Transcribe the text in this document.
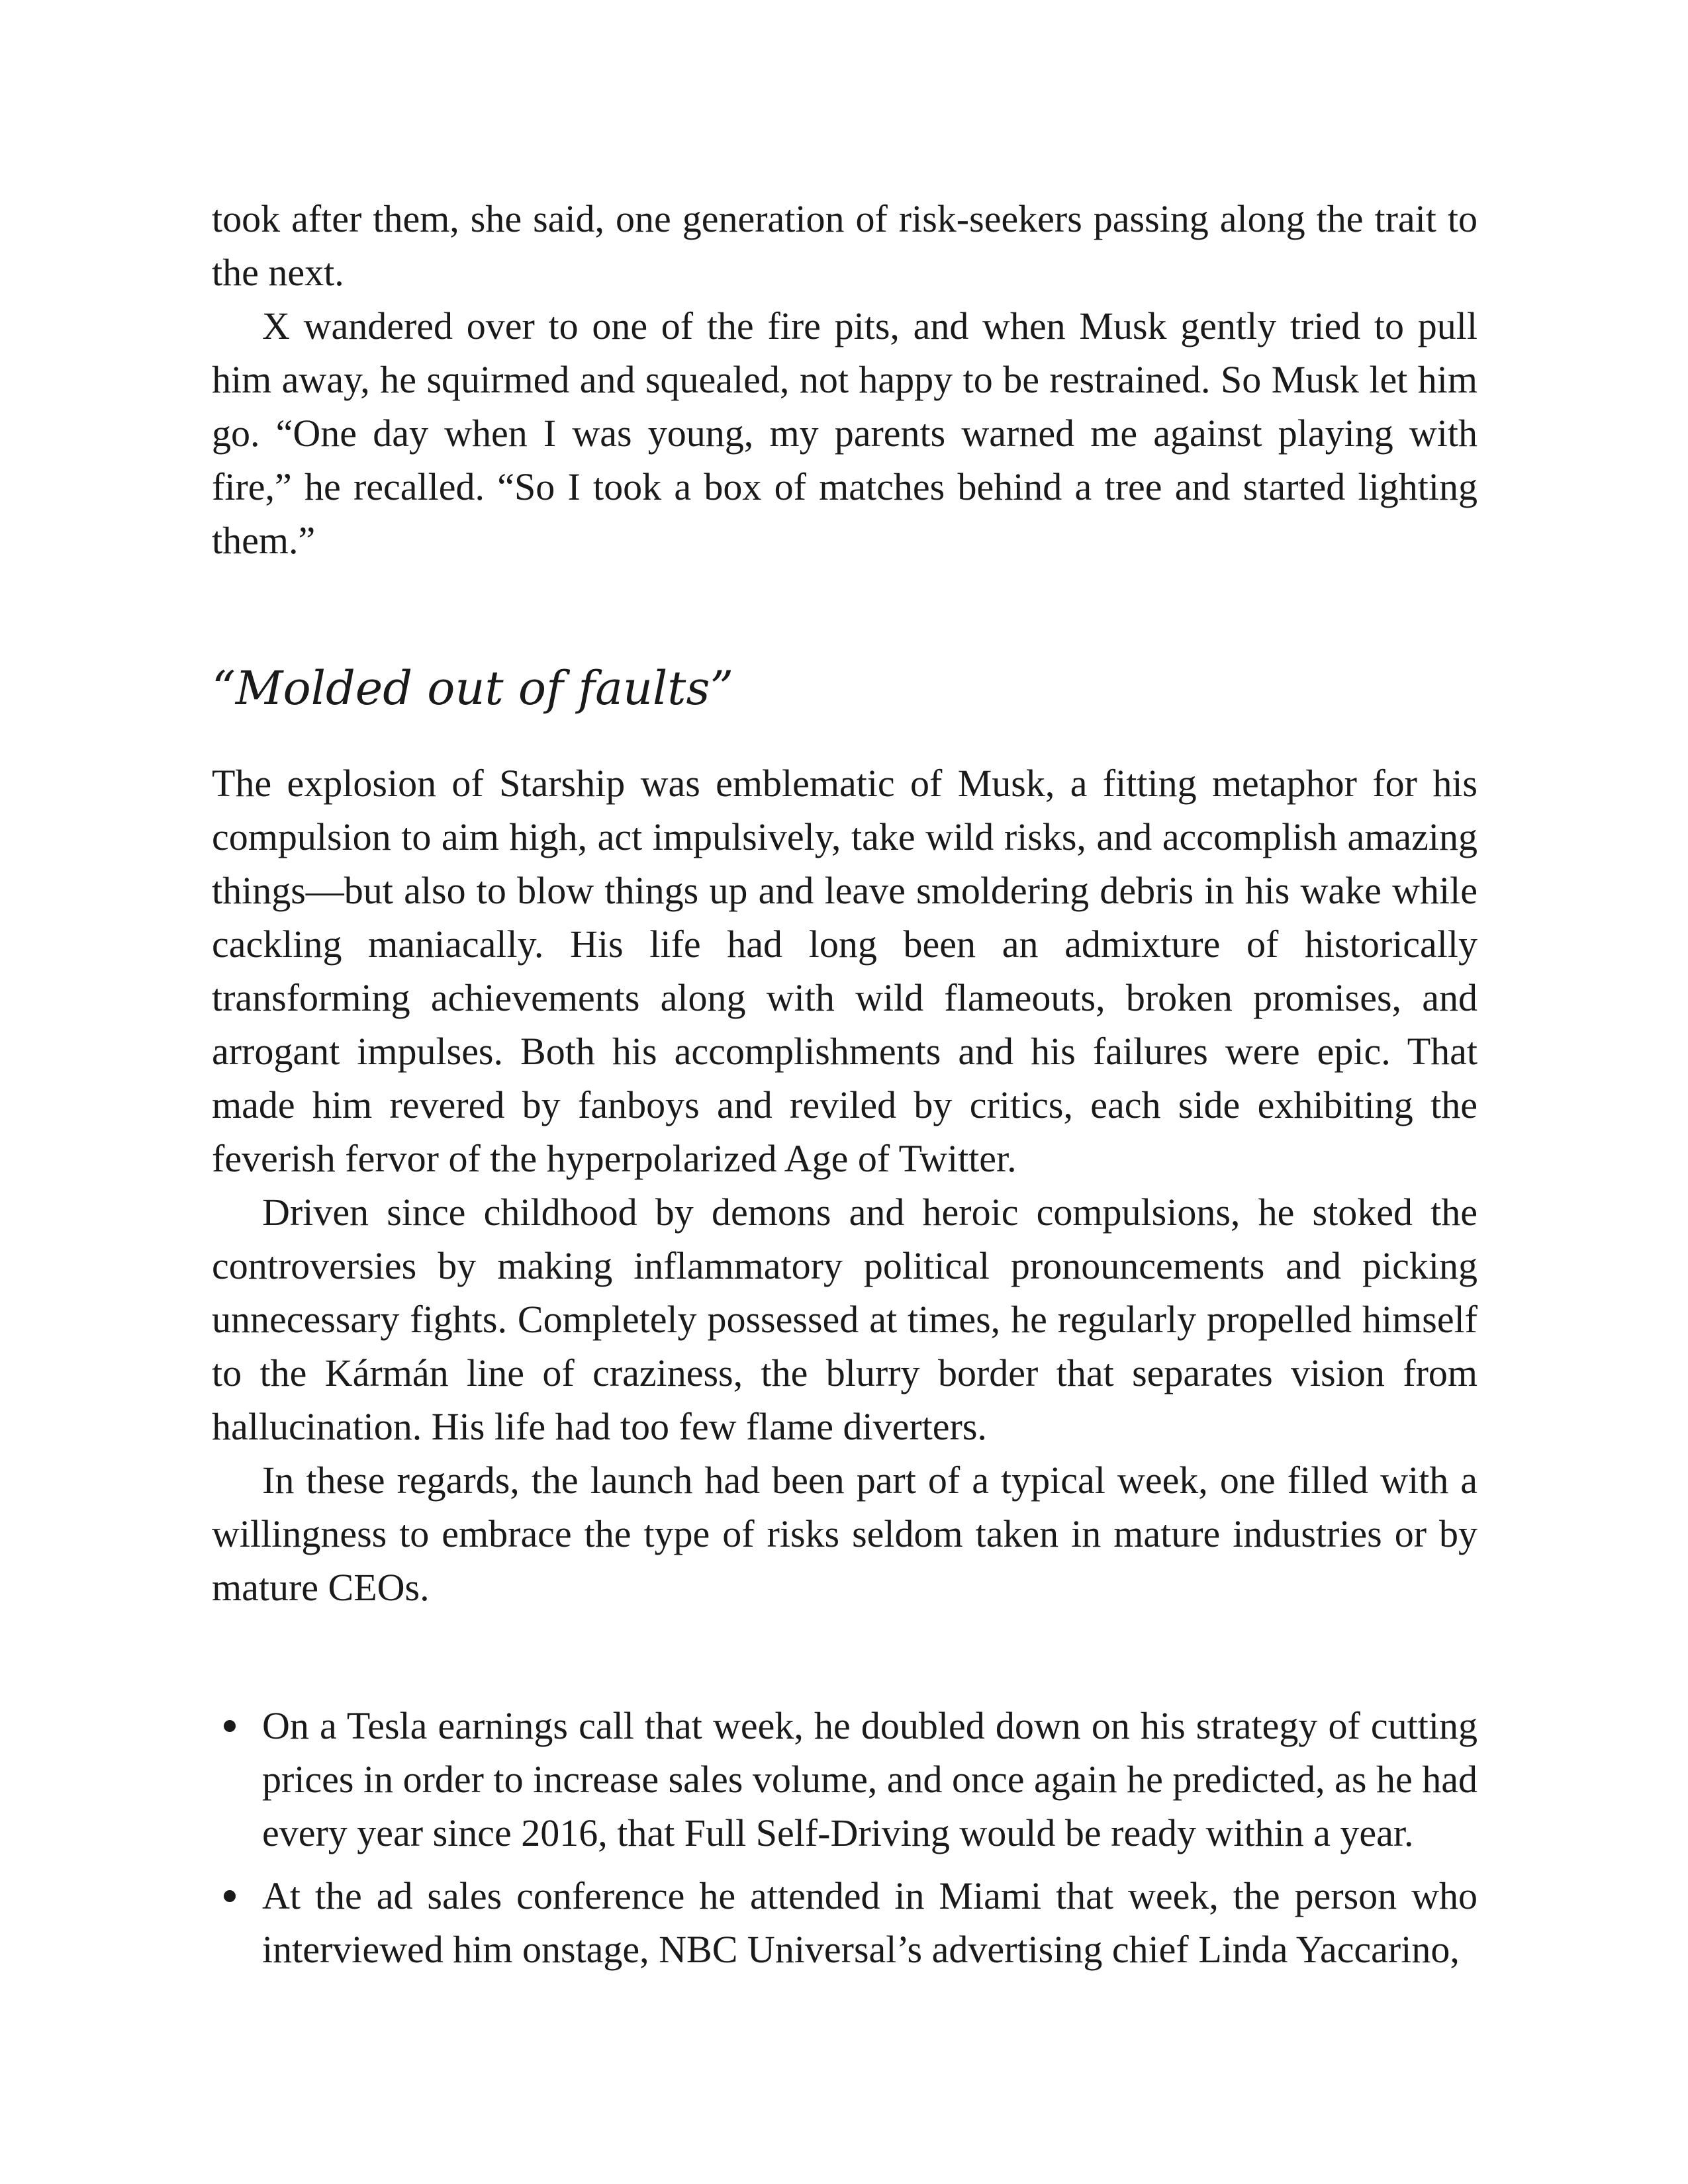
took after them, she said, one generation of risk-seekers passing along the trait to the next.

X wandered over to one of the fire pits, and when Musk gently tried to pull him away, he squirmed and squealed, not happy to be restrained. So Musk let him go. “One day when I was young, my parents warned me against playing with fire,” he recalled. “So I took a box of matches behind a tree and started lighting them.”

“Molded out of faults”

The explosion of Starship was emblematic of Musk, a fitting metaphor for his compulsion to aim high, act impulsively, take wild risks, and accomplish amazing things—but also to blow things up and leave smoldering debris in his wake while cackling maniacally. His life had long been an admixture of historically transforming achievements along with wild flameouts, broken promises, and arrogant impulses. Both his accomplishments and his failures were epic. That made him revered by fanboys and reviled by critics, each side exhibiting the feverish fervor of the hyperpolarized Age of Twitter.

Driven since childhood by demons and heroic compulsions, he stoked the controversies by making inflammatory political pronouncements and picking unnecessary fights. Completely possessed at times, he regularly propelled himself to the Kármán line of craziness, the blurry border that separates vision from hallucination. His life had too few flame diverters.

In these regards, the launch had been part of a typical week, one filled with a willingness to embrace the type of risks seldom taken in mature industries or by mature CEOs.

On a Tesla earnings call that week, he doubled down on his strategy of cutting prices in order to increase sales volume, and once again he predicted, as he had every year since 2016, that Full Self-Driving would be ready within a year.
At the ad sales conference he attended in Miami that week, the person who interviewed him onstage, NBC Universal’s advertising chief Linda Yaccarino,
